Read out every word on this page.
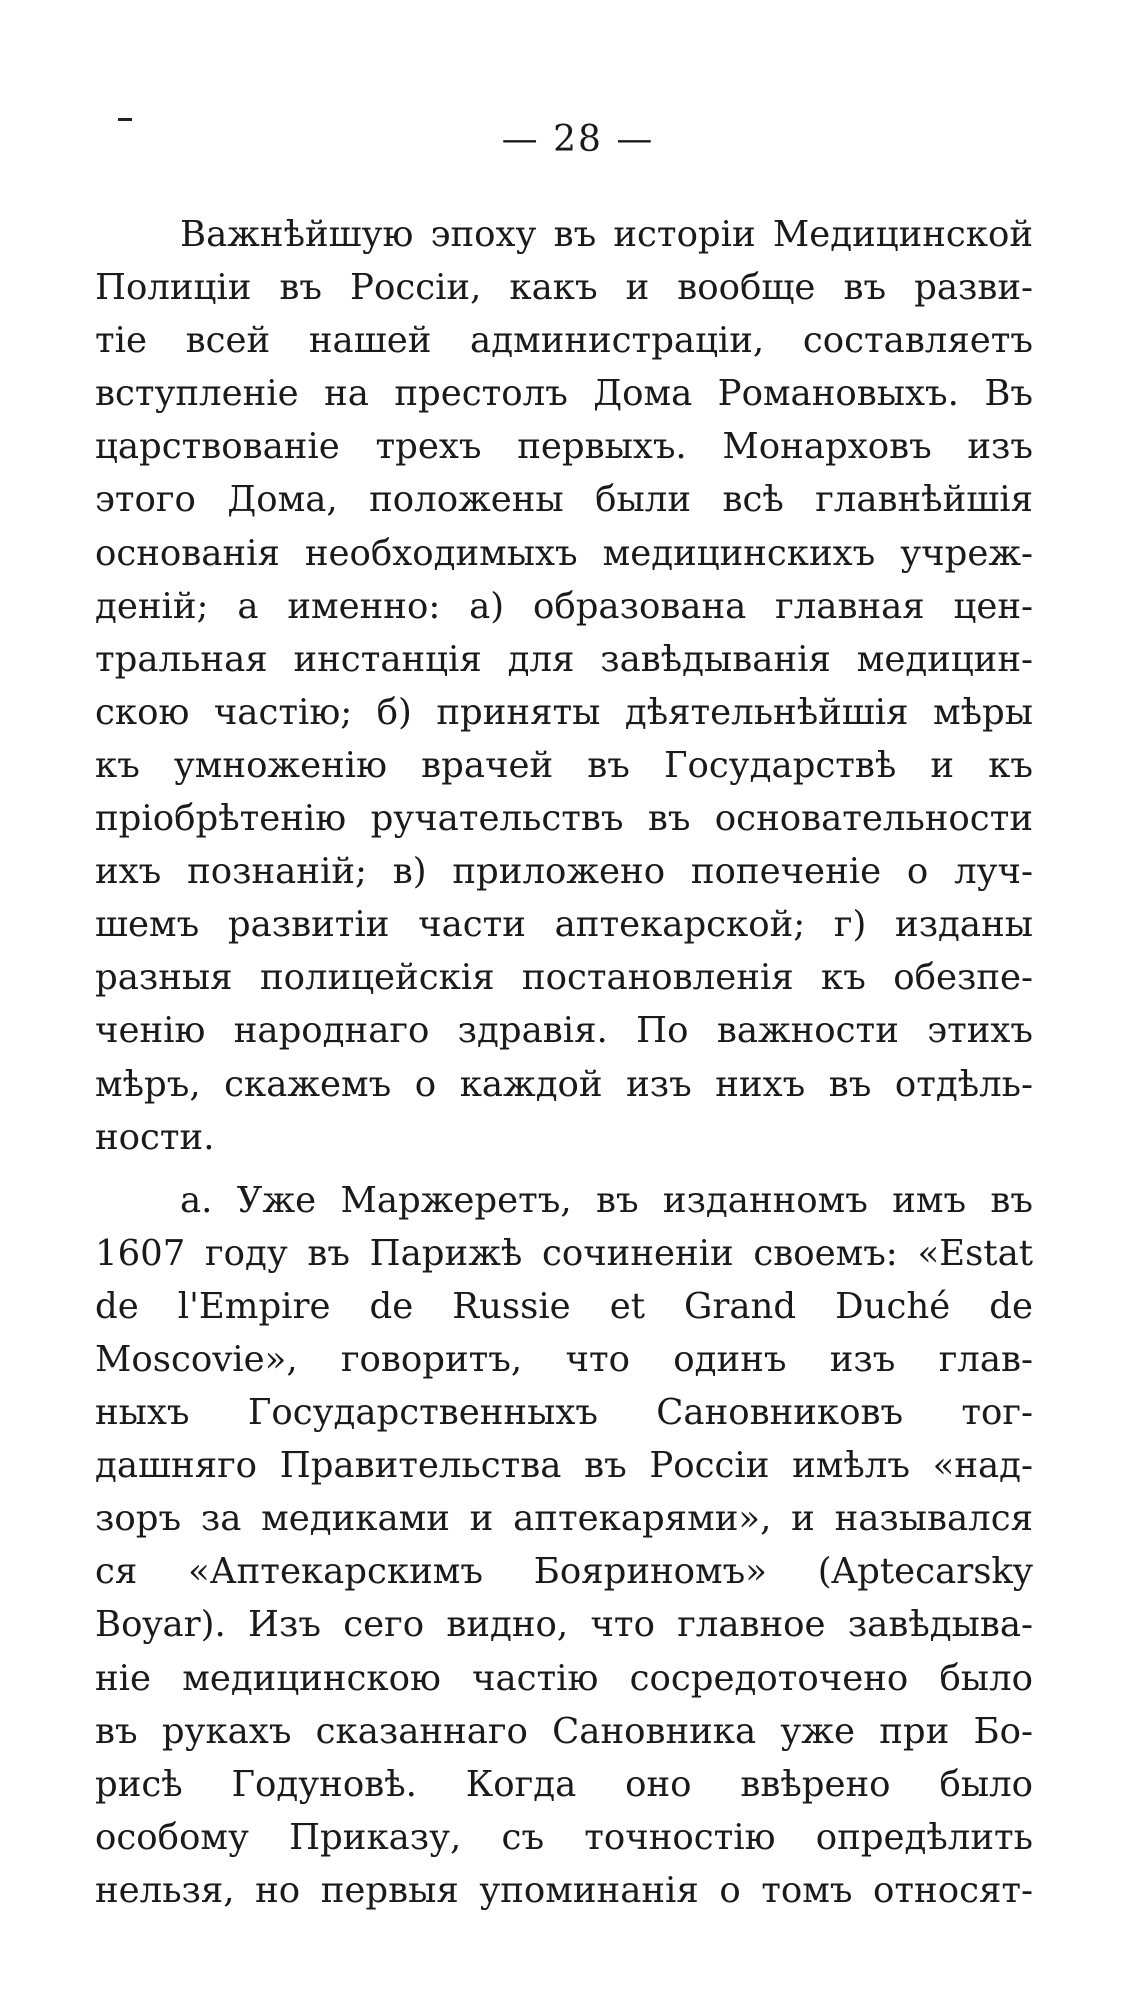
— 28 —
Важнѣйшую эпоху въ исторіи Медицинской
Полиціи въ Россіи, какъ и вообще въ разви-
тіе всей нашей администраціи, составляетъ
вступленіе на престолъ Дома Романовыхъ. Въ
царствованіе трехъ первыхъ. Монарховъ изъ
этого Дома, положены были всѣ главнѣйшія
основанія необходимыхъ медицинскихъ учреж-
деній; а именно: а) образована главная цен-
тральная инстанція для завѣдыванія медицин-
скою частію; б) приняты дѣятельнѣйшія мѣры
къ умноженію врачей въ Государствѣ и къ
пріобрѣтенію ручательствъ въ основательности
ихъ познаній; в) приложено попеченіе о луч-
шемъ развитіи части аптекарской; г) изданы
разныя полицейскія постановленія къ обезпе-
ченію народнаго здравія. По важности этихъ
мѣръ, скажемъ о каждой изъ нихъ въ отдѣль-
ности.
а. Уже Маржеретъ, въ изданномъ имъ въ
1607 году въ Парижѣ сочиненіи своемъ: «Estat
de l'Empire de Russie et Grand Duché de
Moscovie», говоритъ, что одинъ изъ глав-
ныхъ Государственныхъ Сановниковъ тог-
дашняго Правительства въ Россіи имѣлъ «над-
зоръ за медиками и аптекарями», и назывался
ся «Аптекарскимъ Бояриномъ» (Aptecarsky
Boyar). Изъ сего видно, что главное завѣдыва-
ніе медицинскою частію сосредоточено было
въ рукахъ сказаннаго Сановника уже при Бо-
рисѣ Годуновѣ. Когда оно ввѣрено было
особому Приказу, съ точностію опредѣлить
нельзя, но первыя упоминанія о томъ относят-
